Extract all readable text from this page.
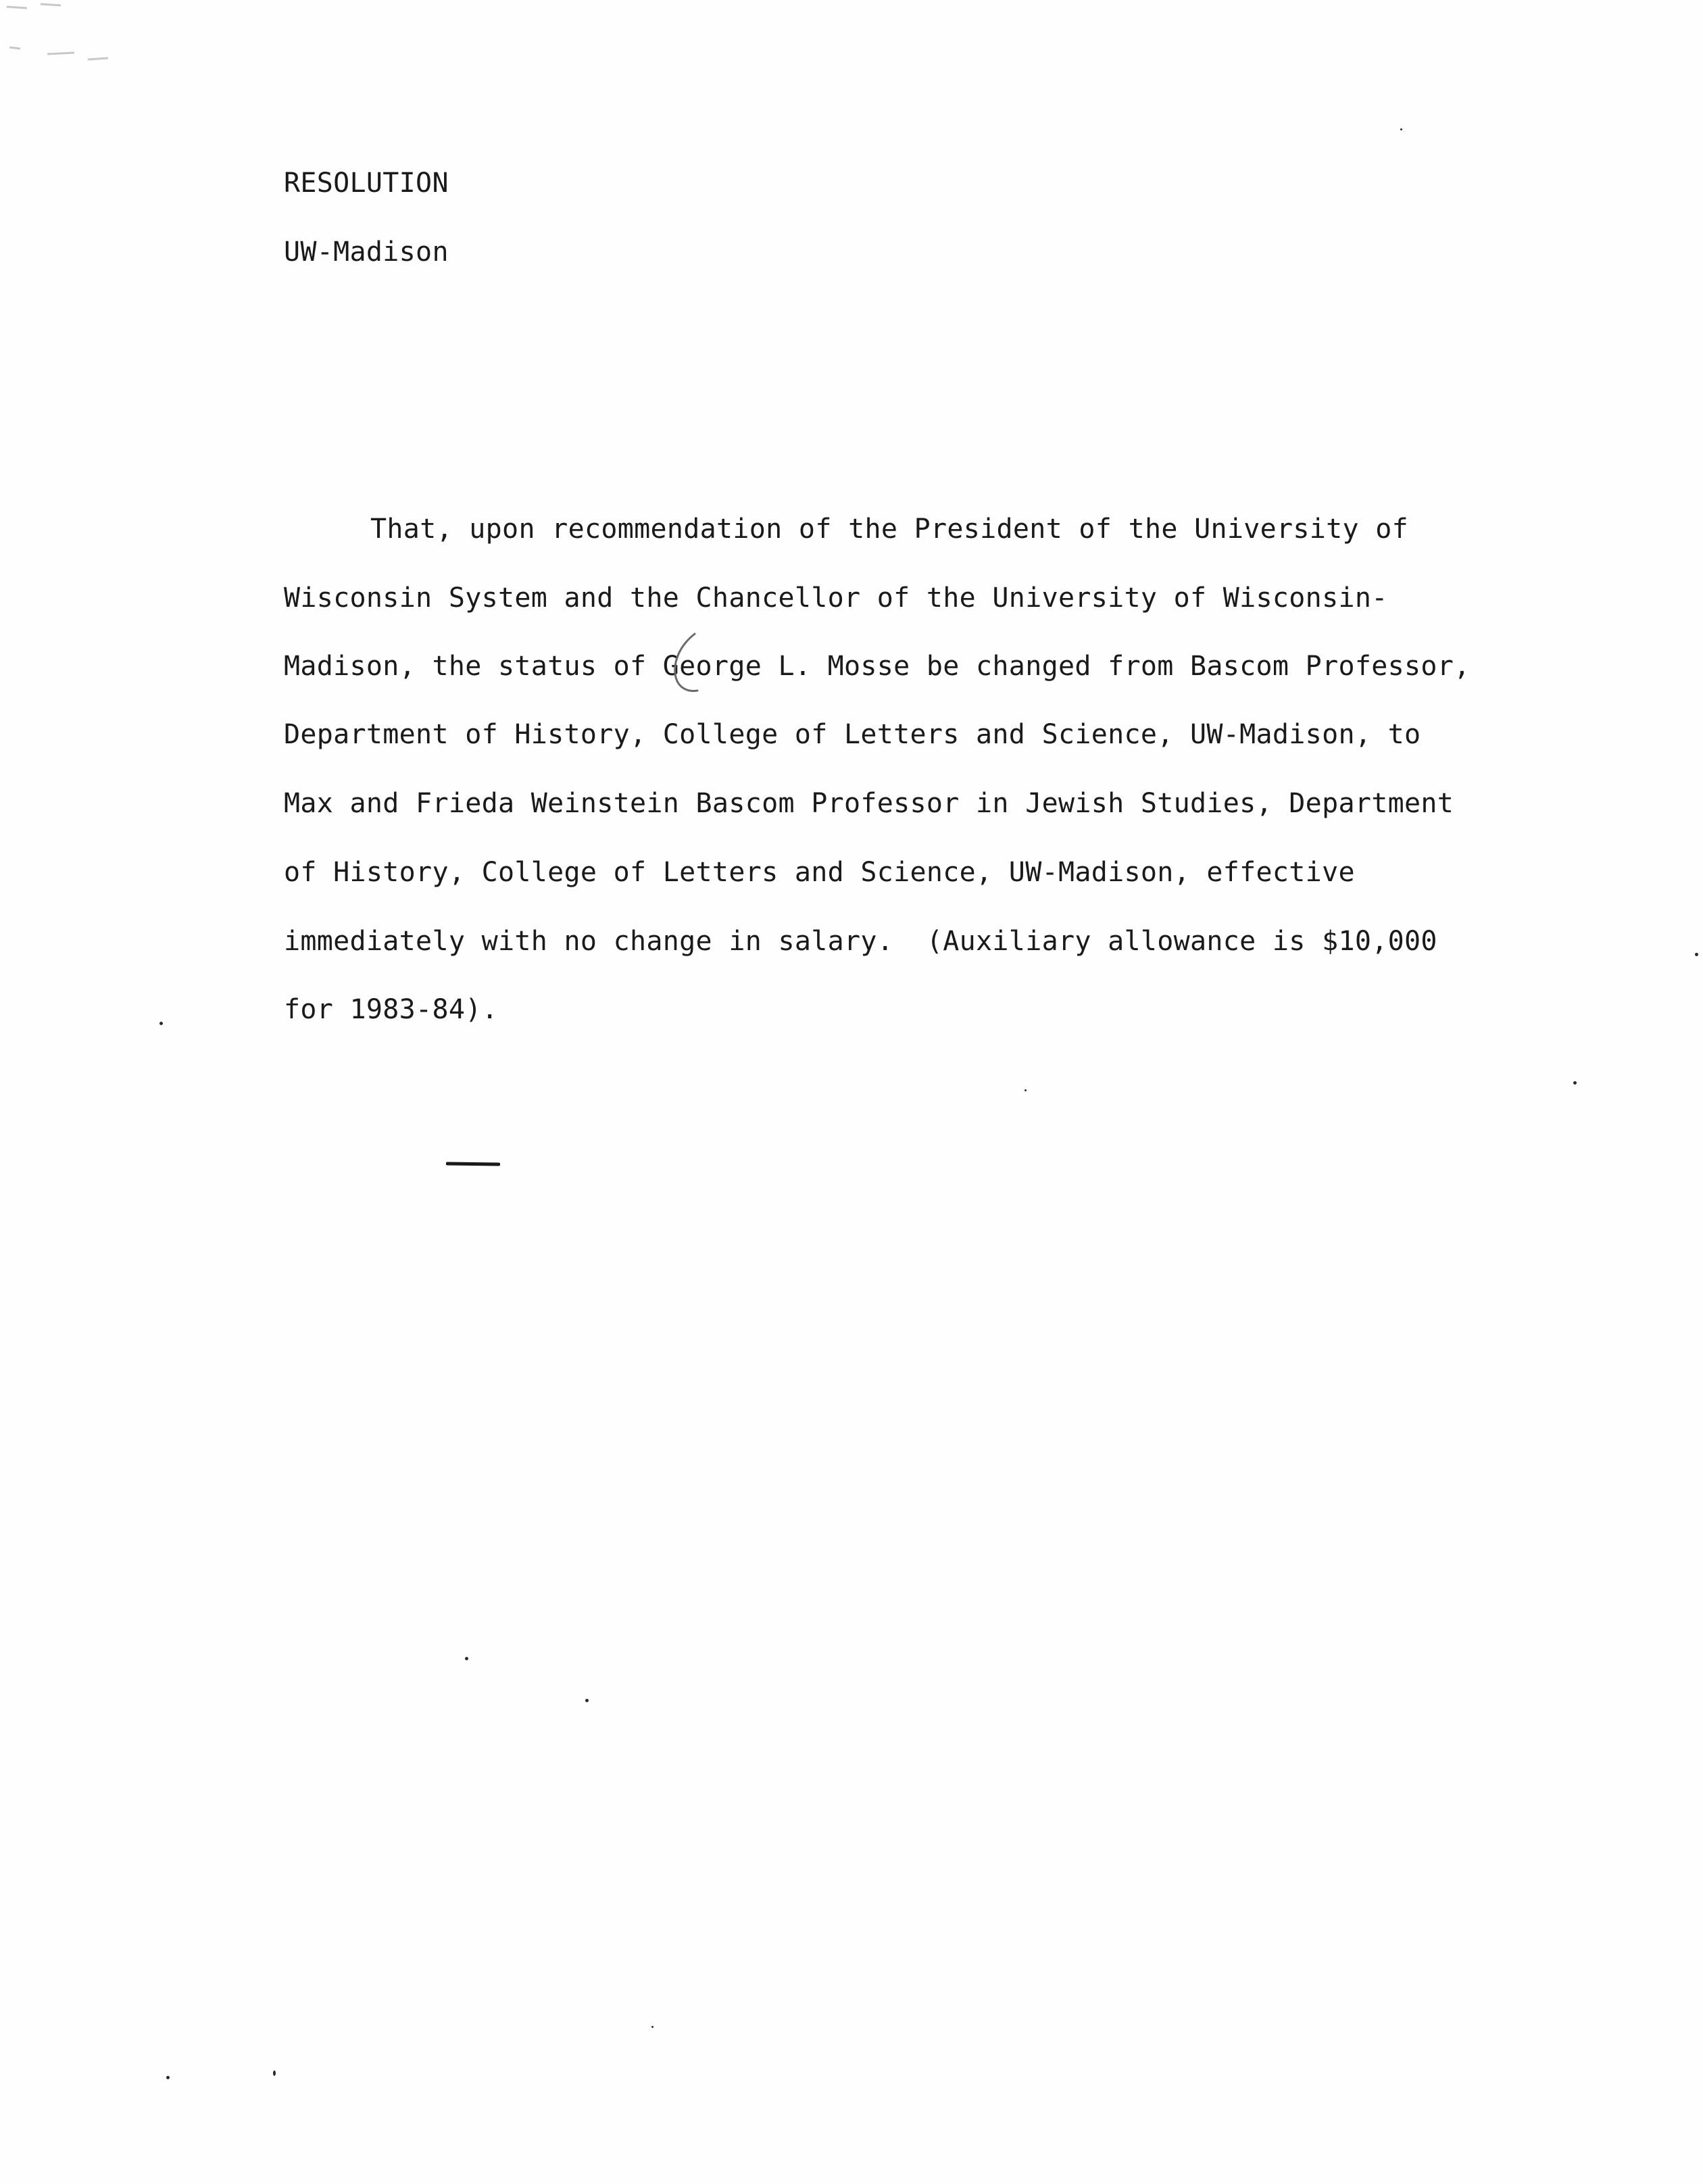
RESOLUTION
UW-Madison
That, upon recommendation of the President of the University of
Wisconsin System and the Chancellor of the University of Wisconsin-
Madison, the status of George L. Mosse be changed from Bascom Professor,
Department of History, College of Letters and Science, UW-Madison, to
Max and Frieda Weinstein Bascom Professor in Jewish Studies, Department
of History, College of Letters and Science, UW-Madison, effective
immediately with no change in salary.  (Auxiliary allowance is $10,000
for 1983-84).
